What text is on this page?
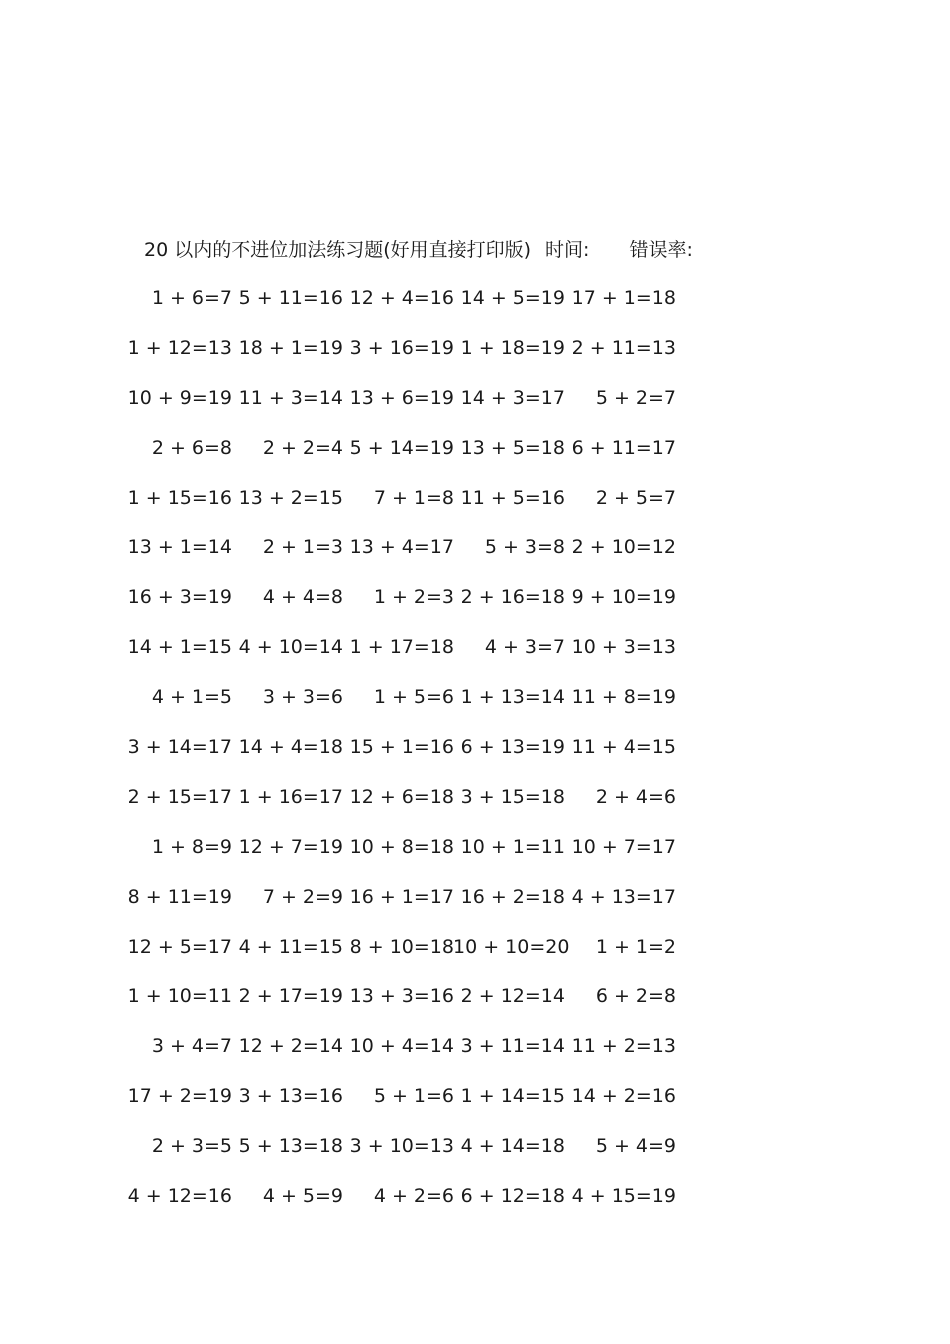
20 以内的不进位加法练习题(好用直接打印版) 时间: 错误率:
1 + 6=7 5 + 11=16 12 + 4=16 14 + 5=19 17 + 1=18
1 + 12=13 18 + 1=19 3 + 16=19 1 + 18=19 2 + 11=13
10 + 9=19 11 + 3=14 13 + 6=19 14 + 3=17	5 + 2=7
2 + 6=8	2 + 2=4 5 + 14=19 13 + 5=18 6 + 11=17
1 + 15=16 13 + 2=15	7 + 1=8 11 + 5=16	2 + 5=7
13 + 1=14	2 + 1=3 13 + 4=17	5 + 3=8 2 + 10=12
16 + 3=19	4 + 4=8	1 + 2=3 2 + 16=18 9 + 10=19
14 + 1=15 4 + 10=14 1 + 17=18	4 + 3=7 10 + 3=13
4 + 1=5	3 + 3=6	1 + 5=6 1 + 13=14 11 + 8=19
3 + 14=17 14 + 4=18 15 + 1=16 6 + 13=19 11 + 4=15
2 + 15=17 1 + 16=17 12 + 6=18 3 + 15=18	2 + 4=6
1 + 8=9 12 + 7=19 10 + 8=18 10 + 1=11 10 + 7=17
8 + 11=19	7 + 2=9 16 + 1=17 16 + 2=18 4 + 13=17
12 + 5=17 4 + 11=15 8 + 10=18 10 + 10=20	1 + 1=2
1 + 10=11 2 + 17=19 13 + 3=16 2 + 12=14	6 + 2=8
3 + 4=7 12 + 2=14 10 + 4=14 3 + 11=14 11 + 2=13
17 + 2=19 3 + 13=16	5 + 1=6 1 + 14=15 14 + 2=16
2 + 3=5 5 + 13=18 3 + 10=13 4 + 14=18	5 + 4=9
4 + 12=16	4 + 5=9	4 + 2=6 6 + 12=18 4 + 15=19
